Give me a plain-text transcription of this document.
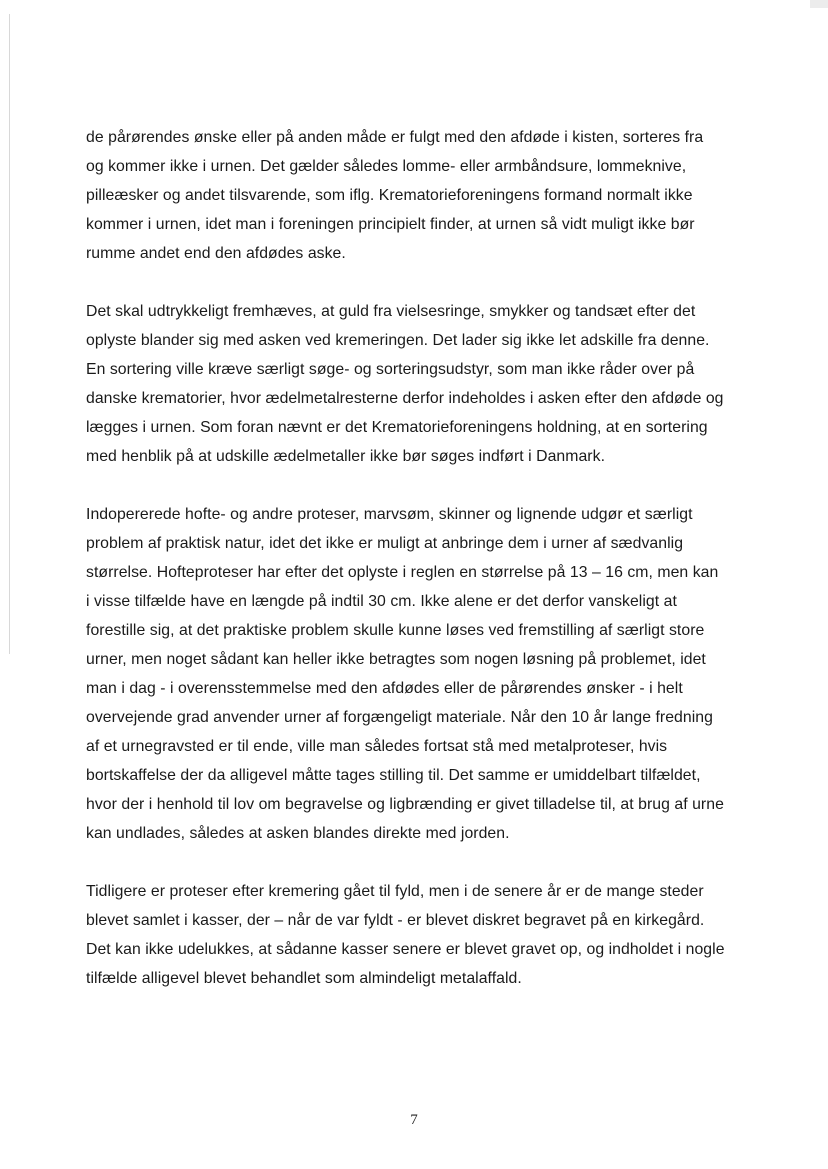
de pårørendes ønske eller på anden måde er fulgt med den afdøde i kisten, sorteres fra
og kommer ikke i urnen. Det gælder således lomme- eller armbåndsure, lommeknive,
pilleæsker og andet tilsvarende, som iflg. Krematorieforeningens formand normalt ikke
kommer i urnen, idet man i foreningen principielt finder, at urnen så vidt muligt ikke bør
rumme andet end den afdødes aske.

Det skal udtrykkeligt fremhæves, at guld fra vielsesringe, smykker og tandsæt efter det
oplyste blander sig med asken ved kremeringen. Det lader sig ikke let adskille fra denne.
En sortering ville kræve særligt søge- og sorteringsudstyr, som man ikke råder over på
danske krematorier, hvor ædelmetalresterne derfor indeholdes i asken efter den afdøde og
lægges i urnen. Som foran nævnt er det Krematorieforeningens holdning, at en sortering
med henblik på at udskille ædelmetaller ikke bør søges indført i Danmark.

Indopererede hofte- og andre proteser, marvsøm, skinner og lignende udgør et særligt
problem af praktisk natur, idet det ikke er muligt at anbringe dem i urner af sædvanlig
størrelse. Hofteproteser har efter det oplyste i reglen en størrelse på 13 – 16 cm, men kan
i visse tilfælde have en længde på indtil 30 cm. Ikke alene er det derfor vanskeligt at
forestille sig, at det praktiske problem skulle kunne løses ved fremstilling af særligt store
urner, men noget sådant kan heller ikke betragtes som nogen løsning på problemet, idet
man i dag - i overensstemmelse med den afdødes eller de pårørendes ønsker - i helt
overvejende grad anvender urner af forgængeligt materiale. Når den 10 år lange fredning
af et urnegravsted er til ende, ville man således fortsat stå med metalproteser, hvis
bortskaffelse der da alligevel måtte tages stilling til. Det samme er umiddelbart tilfældet,
hvor der i henhold til lov om begravelse og ligbrænding er givet tilladelse til, at brug af urne
kan undlades, således at asken blandes direkte med jorden.

Tidligere er proteser efter kremering gået til fyld, men i de senere år er de mange steder
blevet samlet i kasser, der – når de var fyldt - er blevet diskret begravet på en kirkegård.
Det kan ikke udelukkes, at sådanne kasser senere er blevet gravet op, og indholdet i nogle
tilfælde alligevel blevet behandlet som almindeligt metalaffald.

7
